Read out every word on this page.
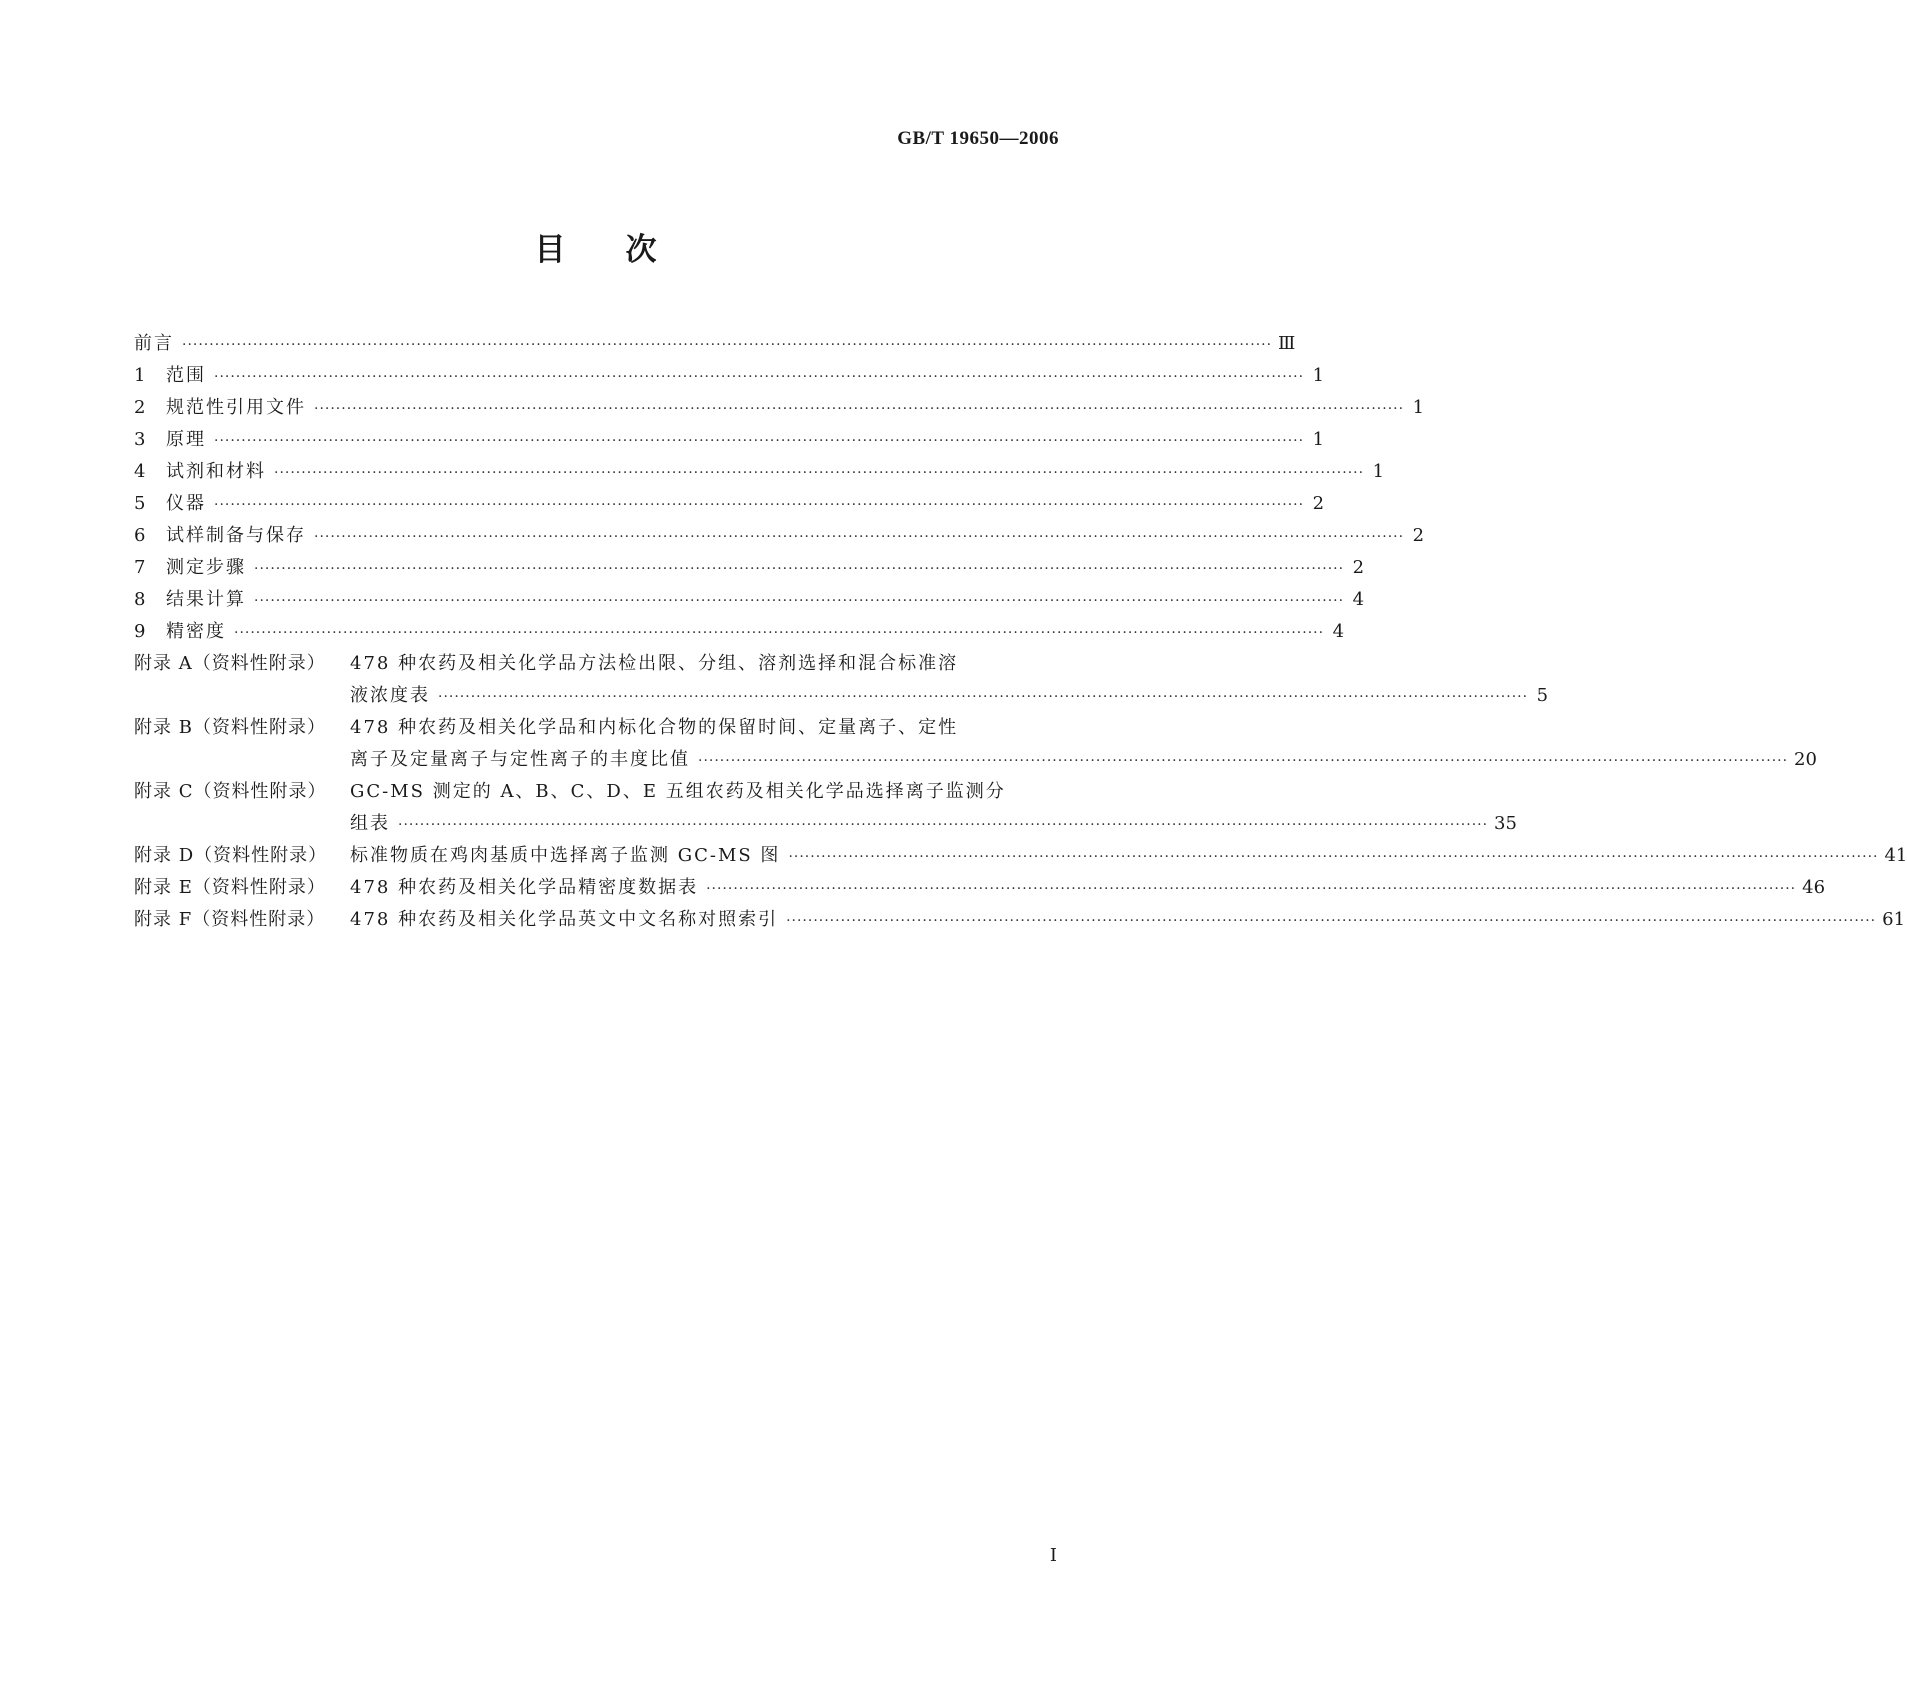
GB/T 19650—2006
目 次
前言 ········································································································································································································ Ⅲ
1	范围 ········································································································································································································ 1
2	规范性引用文件 ········································································································································································································ 1
3	原理 ········································································································································································································ 1
4	试剂和材料 ········································································································································································································ 1
5	仪器 ········································································································································································································ 2
6	试样制备与保存 ········································································································································································································ 2
7	测定步骤 ········································································································································································································ 2
8	结果计算 ········································································································································································································ 4
9	精密度 ········································································································································································································ 4
附录 A（资料性附录） 478 种农药及相关化学品方法检出限、分组、溶剂选择和混合标准溶
液浓度表 ········································································································································································································ 5
附录 B（资料性附录） 478 种农药及相关化学品和内标化合物的保留时间、定量离子、定性
离子及定量离子与定性离子的丰度比值 ········································································································································································································ 20
附录 C（资料性附录） GC-MS 测定的 A、B、C、D、E 五组农药及相关化学品选择离子监测分
组表 ········································································································································································································ 35
附录 D（资料性附录） 标准物质在鸡肉基质中选择离子监测 GC-MS 图 ········································································································································································································ 41
附录 E（资料性附录） 478 种农药及相关化学品精密度数据表 ········································································································································································································ 46
附录 F（资料性附录） 478 种农药及相关化学品英文中文名称对照索引 ········································································································································································································ 61
Ⅰ
